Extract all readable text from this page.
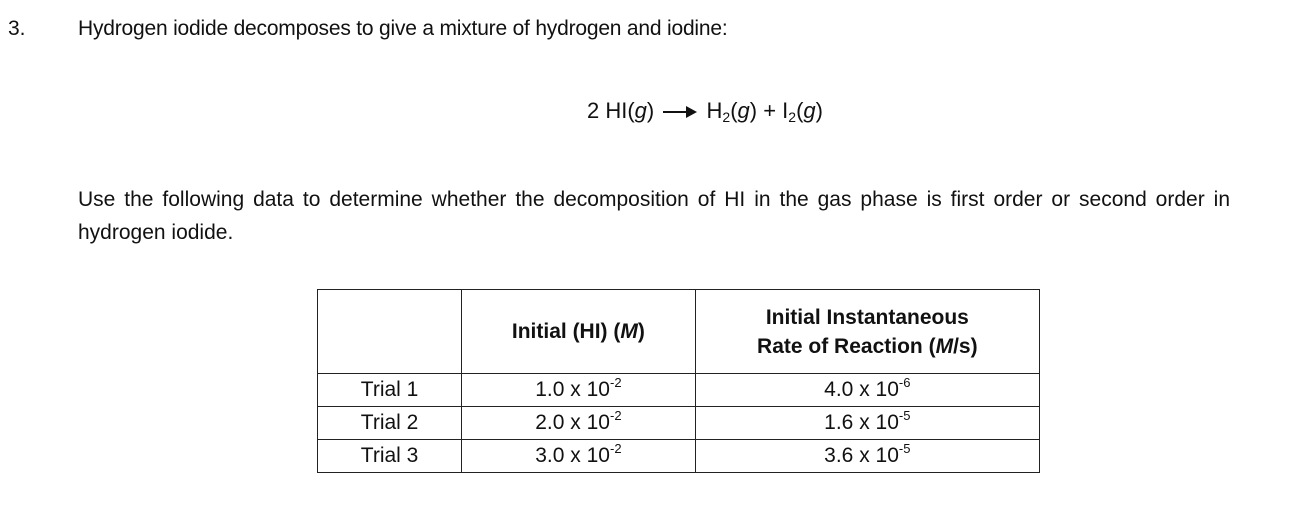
3. Hydrogen iodide decomposes to give a mixture of hydrogen and iodine:
2 HI(g) → H2(g) + I2(g)
Use the following data to determine whether the decomposition of HI in the gas phase is first order or second order in hydrogen iodide.
	Initial (HI) (M)	Initial Instantaneous
Rate of Reaction (M/s)

Trial 1	1.0 x $10^{-2}$	4.0 x $10^{-6}$
Trial 2	2.0 x $10^{-2}$	1.6 x $10^{-5}$
Trial 3	3.0 x $10^{-2}$	3.6 x $10^{-5}$
